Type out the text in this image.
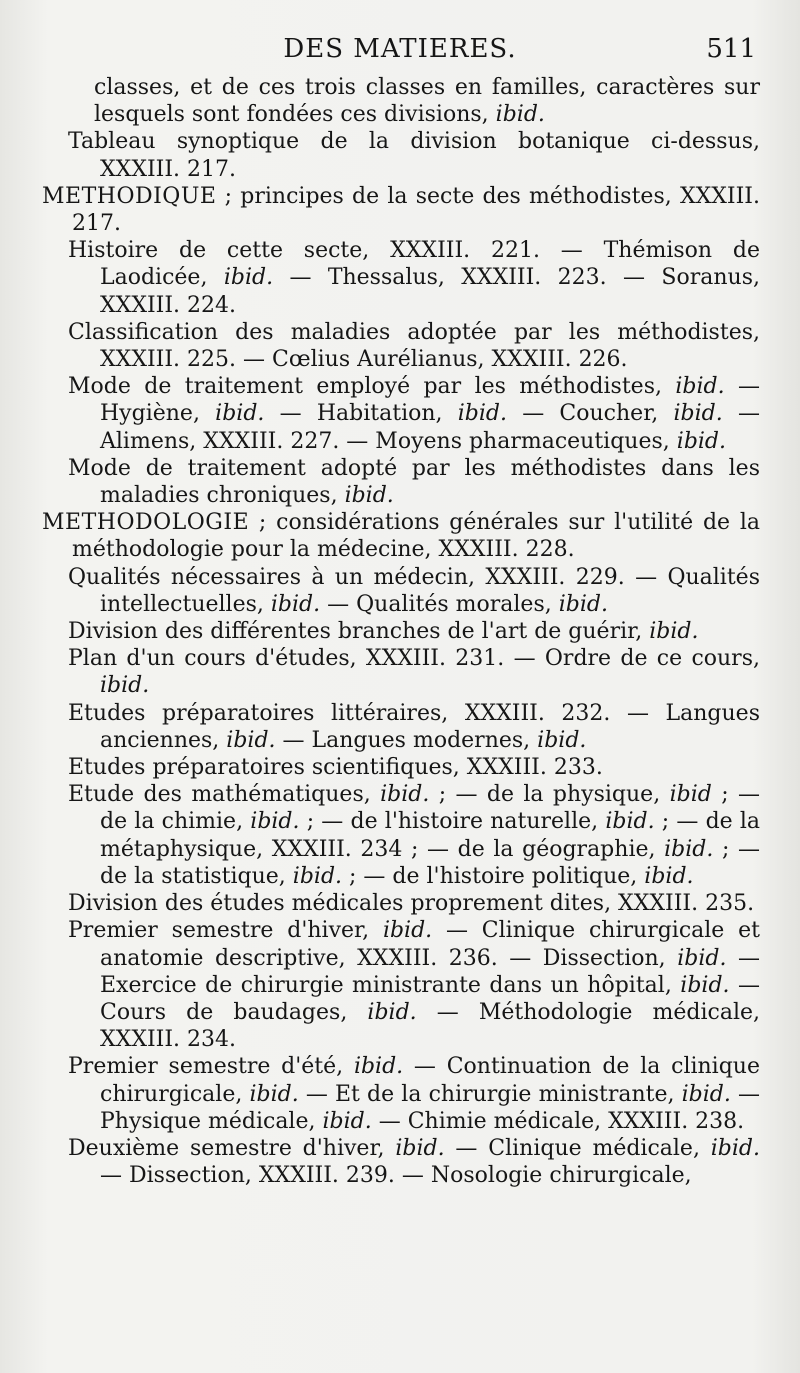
DES MATIERES.	511
classes, et de ces trois classes en familles, caractères sur lesquels sont fondées ces divisions, ibid.
Tableau synoptique de la division botanique ci-dessus, XXXIII. 217.
METHODIQUE ; principes de la secte des méthodistes, XXXIII. 217.
Histoire de cette secte, XXXIII. 221. — Thémison de Laodicée, ibid. — Thessalus, XXXIII. 223. — Soranus, XXXIII. 224.
Classification des maladies adoptée par les méthodistes, XXXIII. 225. — Cœlius Aurélianus, XXXIII. 226.
Mode de traitement employé par les méthodistes, ibid. — Hygiène, ibid. — Habitation, ibid. — Coucher, ibid. — Alimens, XXXIII. 227. — Moyens pharmaceutiques, ibid.
Mode de traitement adopté par les méthodistes dans les maladies chroniques, ibid.
METHODOLOGIE ; considérations générales sur l'utilité de la méthodologie pour la médecine, XXXIII. 228.
Qualités nécessaires à un médecin, XXXIII. 229. — Qualités intellectuelles, ibid. — Qualités morales, ibid.
Division des différentes branches de l'art de guérir, ibid.
Plan d'un cours d'études, XXXIII. 231. — Ordre de ce cours, ibid.
Etudes préparatoires littéraires, XXXIII. 232. — Langues anciennes, ibid. — Langues modernes, ibid.
Etudes préparatoires scientifiques, XXXIII. 233.
Etude des mathématiques, ibid. ; — de la physique, ibid ; — de la chimie, ibid. ; — de l'histoire naturelle, ibid. ; — de la métaphysique, XXXIII. 234 ; — de la géographie, ibid. ; — de la statistique, ibid. ; — de l'histoire politique, ibid.
Division des études médicales proprement dites, XXXIII. 235.
Premier semestre d'hiver, ibid. — Clinique chirurgicale et anatomie descriptive, XXXIII. 236. — Dissection, ibid. — Exercice de chirurgie ministrante dans un hôpital, ibid. — Cours de baudages, ibid. — Méthodologie médicale, XXXIII. 234.
Premier semestre d'été, ibid. — Continuation de la clinique chirurgicale, ibid. — Et de la chirurgie ministrante, ibid. — Physique médicale, ibid. — Chimie médicale, XXXIII. 238.
Deuxième semestre d'hiver, ibid. — Clinique médicale, ibid. — Dissection, XXXIII. 239. — Nosologie chirurgicale,
